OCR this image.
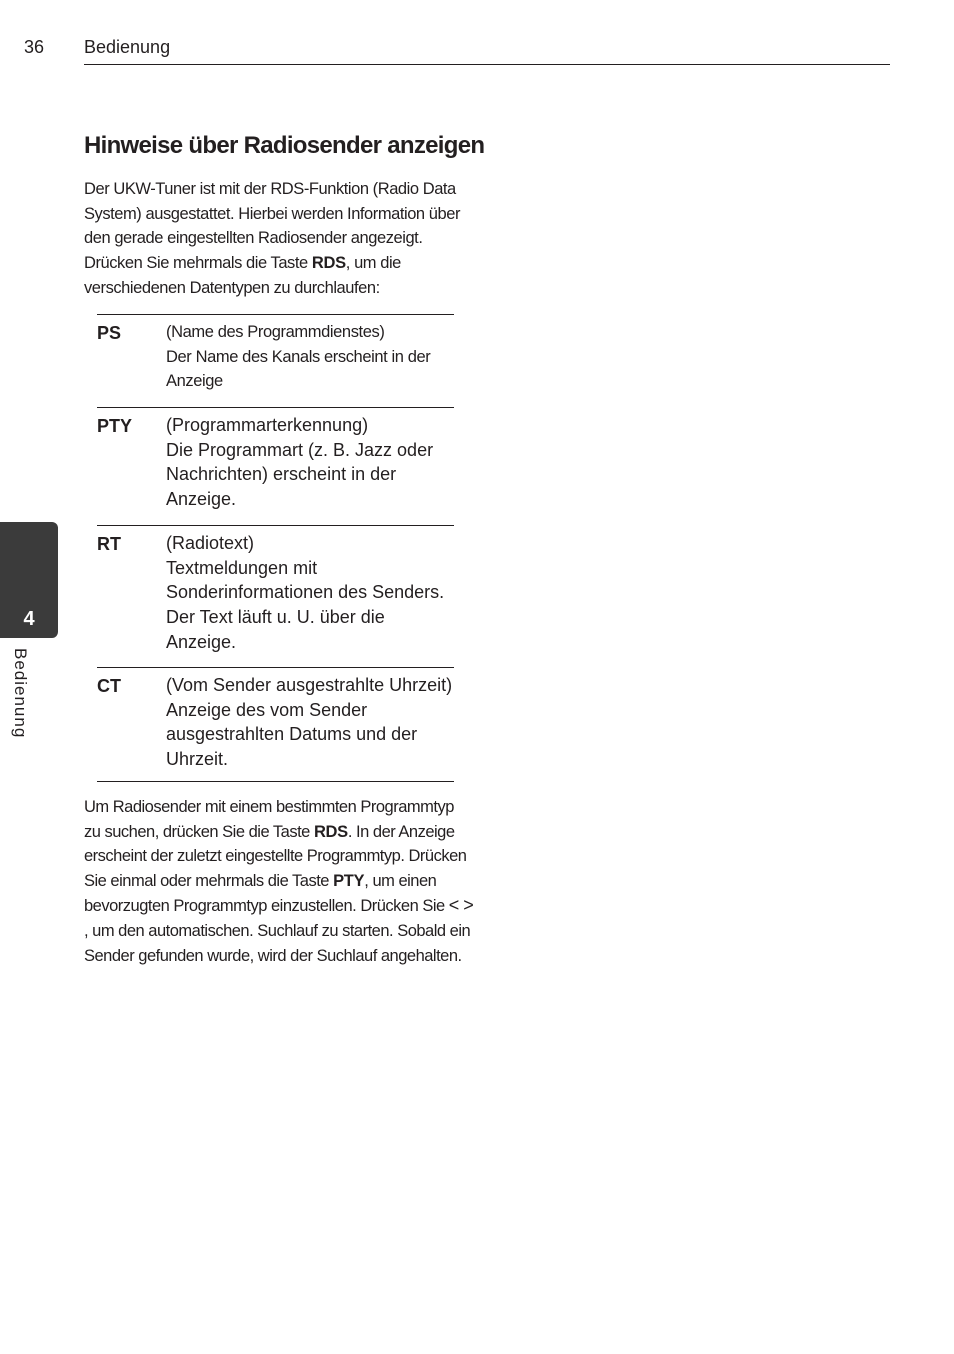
36 Bedienung
4
Bedienung
Hinweise über Radiosender anzeigen

Der UKW-Tuner ist mit der RDS-Funktion (Radio Data System) ausgestattet. Hierbei werden Information über den gerade eingestellten Radiosender angezeigt. Drücken Sie mehrmals die Taste RDS, um die verschiedenen Datentypen zu durchlaufen:

PS	(Name des Programmdienstes)
Der Name des Kanals erscheint in der Anzeige
PTY (Programmarterkennung)
Die Programmart (z. B. Jazz oder Nachrichten) erscheint in der Anzeige.
RT	(Radiotext)
Textmeldungen mit Sonderinformationen des Senders. Der Text läuft u. U. über die Anzeige.
CT	(Vom Sender ausgestrahlte Uhrzeit)
Anzeige des vom Sender ausgestrahlten Datums und der Uhrzeit.

Um Radiosender mit einem bestimmten Programmtyp zu suchen, drücken Sie die Taste RDS. In der Anzeige erscheint der zuletzt eingestellte Programmtyp. Drücken Sie einmal oder mehrmals die Taste PTY, um einen bevorzugten Programmtyp einzustellen. Drücken Sie < > , um den automatischen. Suchlauf zu starten. Sobald ein Sender gefunden wurde, wird der Suchlauf angehalten.
